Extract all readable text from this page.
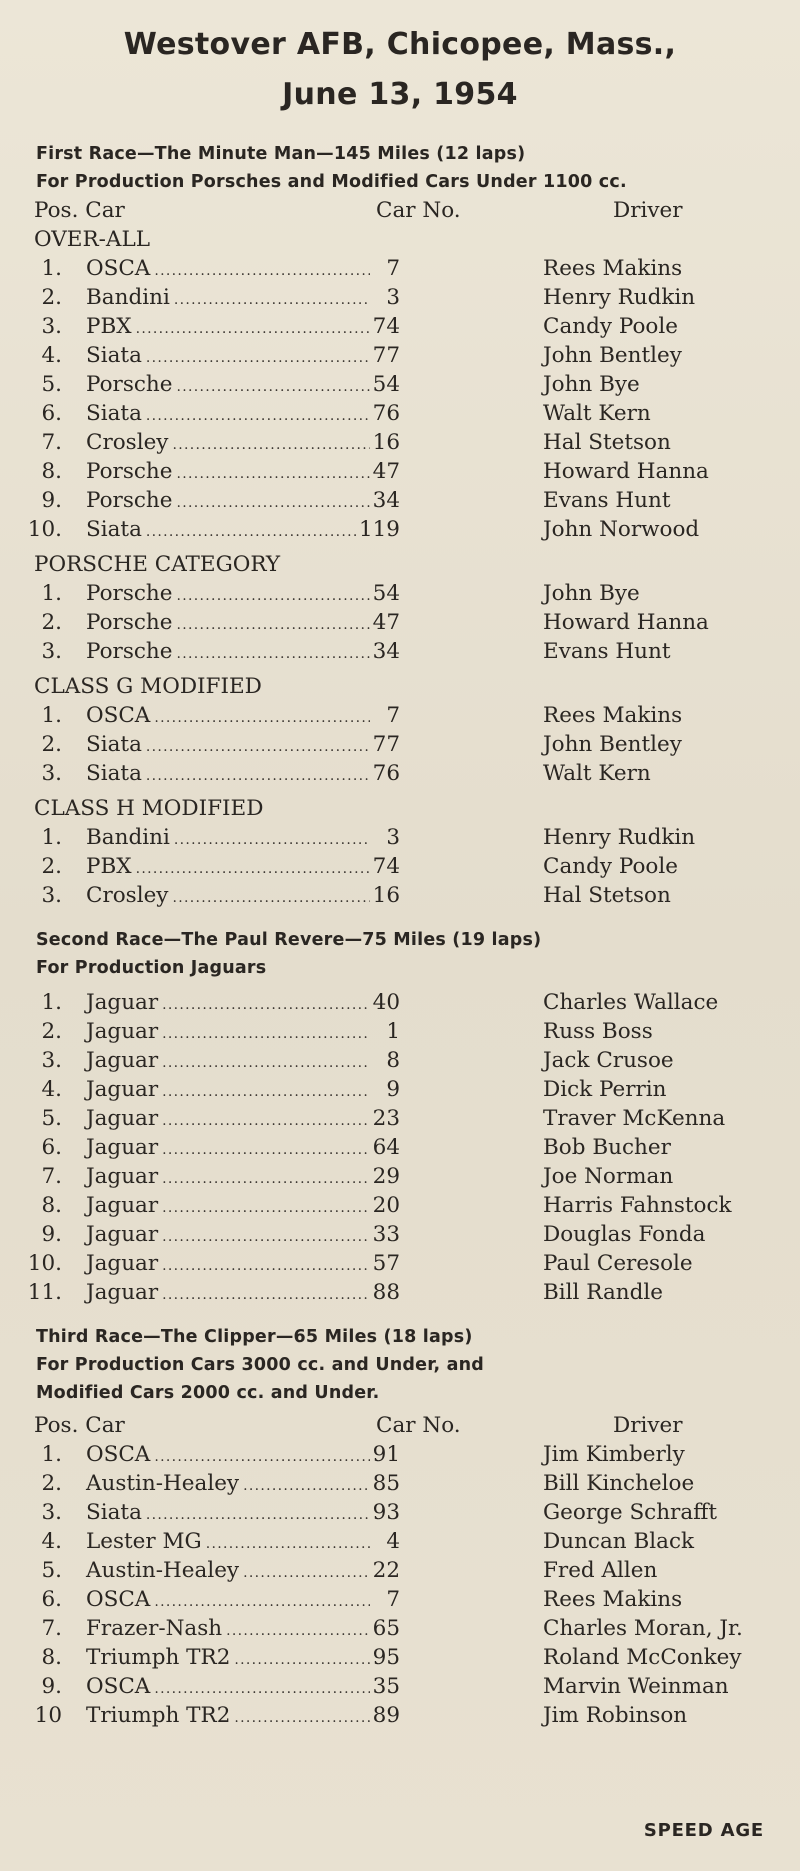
Westover AFB, Chicopee, Mass.,
June 13, 1954
First Race—The Minute Man—145 Miles (12 laps)
For Production Porsches and Modified Cars Under 1100 cc.
Pos. Car	Car No.	Driver
OVER-ALL
1. OSCA .....	7	Rees Makins
2. Bandini .....	3	Henry Rudkin
3. PBX .....	74	Candy Poole
4. Siata .....	77	John Bentley
5. Porsche .....	54	John Bye
6. Siata .....	76	Walt Kern
7. Crosley .....	16	Hal Stetson
8. Porsche .....	47	Howard Hanna
9. Porsche .....	34	Evans Hunt
10. Siata .....	119	John Norwood
PORSCHE CATEGORY
1. Porsche .....	54	John Bye
2. Porsche .....	47	Howard Hanna
3. Porsche .....	34	Evans Hunt
CLASS G MODIFIED
1. OSCA .....	7	Rees Makins
2. Siata .....	77	John Bentley
3. Siata .....	76	Walt Kern
CLASS H MODIFIED
1. Bandini .....	3	Henry Rudkin
2. PBX .....	74	Candy Poole
3. Crosley .....	16	Hal Stetson
Second Race—The Paul Revere—75 Miles (19 laps)
For Production Jaguars
1. Jaguar .....	40	Charles Wallace
2. Jaguar .....	1	Russ Boss
3. Jaguar .....	8	Jack Crusoe
4. Jaguar .....	9	Dick Perrin
5. Jaguar .....	23	Traver McKenna
6. Jaguar .....	64	Bob Bucher
7. Jaguar .....	29	Joe Norman
8. Jaguar .....	20	Harris Fahnstock
9. Jaguar .....	33	Douglas Fonda
10. Jaguar .....	57	Paul Ceresole
11. Jaguar .....	88	Bill Randle
Third Race—The Clipper—65 Miles (18 laps)
For Production Cars 3000 cc. and Under, and
Modified Cars 2000 cc. and Under.
Pos. Car	Car No.	Driver
1. OSCA .....	91	Jim Kimberly
2. Austin-Healey .....	85	Bill Kincheloe
3. Siata .....	93	George Schrafft
4. Lester MG .....	4	Duncan Black
5. Austin-Healey .....	22	Fred Allen
6. OSCA .....	7	Rees Makins
7. Frazer-Nash .....	65	Charles Moran, Jr.
8. Triumph TR2 .....	95	Roland McConkey
9. OSCA .....	35	Marvin Weinman
10 Triumph TR2 .....	89	Jim Robinson
SPEED AGE
